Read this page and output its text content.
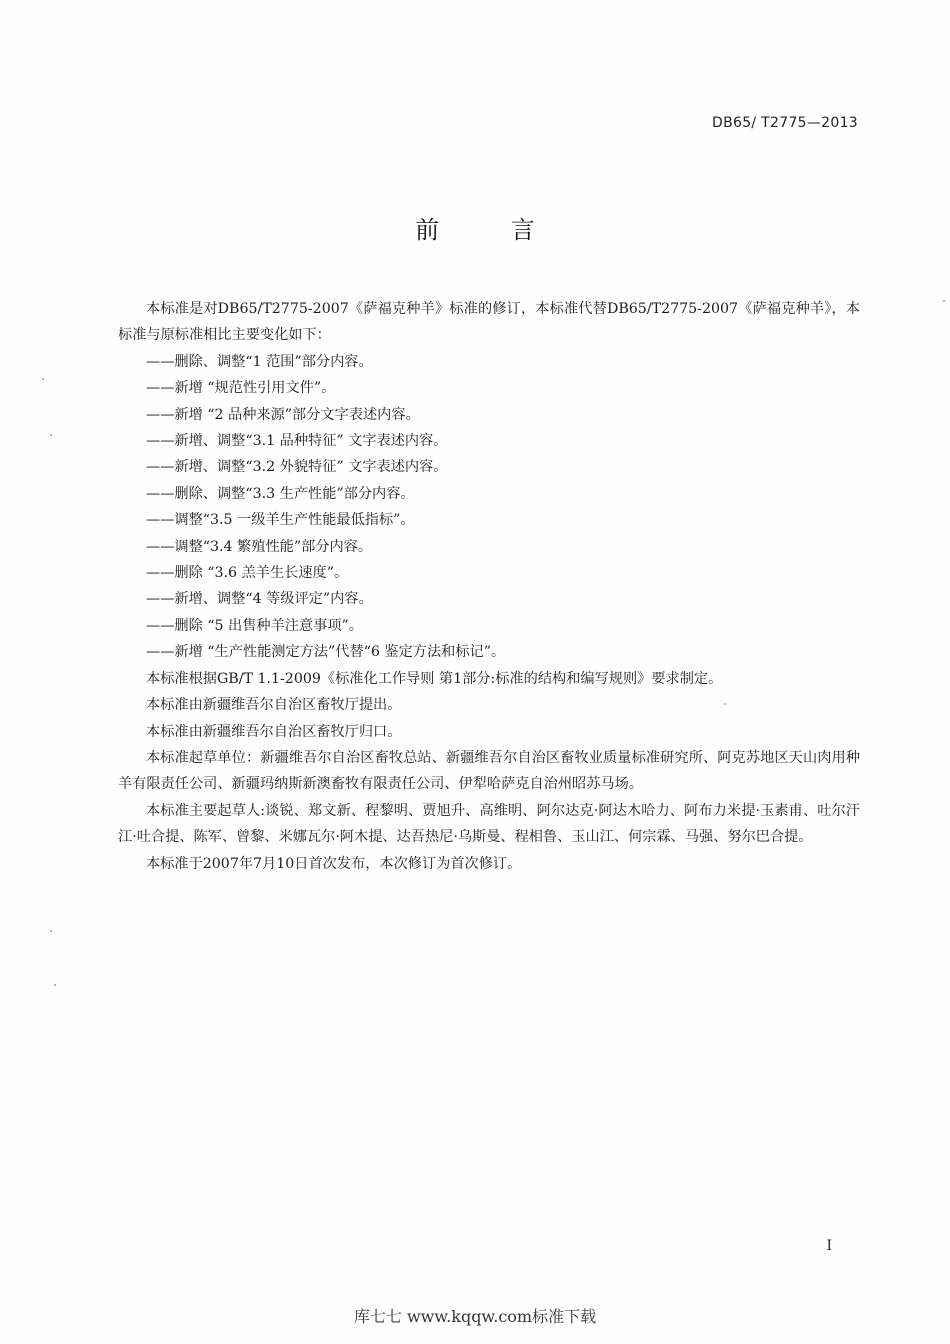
DB65/ T2775—2013
前 言

本标准是对DB65/T2775-2007《萨福克种羊》标准的修订，本标准代替DB65/T2775-2007《萨福克种羊》，本标准与原标准相比主要变化如下：

——删除、调整“1 范围”部分内容。

——新增 “规范性引用文件”。

——新增 “2 品种来源”部分文字表述内容。

——新增、调整“3.1 品种特征” 文字表述内容。

——新增、调整“3.2 外貌特征” 文字表述内容。

——删除、调整“3.3 生产性能”部分内容。

——调整“3.5 一级羊生产性能最低指标”。

——调整“3.4 繁殖性能”部分内容。

——删除 “3.6 羔羊生长速度”。

——新增、调整“4 等级评定”内容。

——删除 “5 出售种羊注意事项”。

——新增 “生产性能测定方法”代替“6 鉴定方法和标记”。

本标准根据GB/T 1.1-2009《标准化工作导则 第1部分:标准的结构和编写规则》要求制定。

本标准由新疆维吾尔自治区畜牧厅提出。

本标准由新疆维吾尔自治区畜牧厅归口。

本标准起草单位：新疆维吾尔自治区畜牧总站、新疆维吾尔自治区畜牧业质量标准研究所、阿克苏地区天山肉用种羊有限责任公司、新疆玛纳斯新澳畜牧有限责任公司、伊犁哈萨克自治州昭苏马场。

本标准主要起草人:谈锐、郑文新、程黎明、贾旭升、高维明、阿尔达克·阿达木哈力、阿布力米提·玉素甫、吐尔汗江·吐合提、陈军、曾黎、米娜瓦尔·阿木提、达吾热尼·乌斯曼、程相鲁、玉山江、何宗霖、马强、努尔巴合提。

本标准于2007年7月10日首次发布，本次修订为首次修订。

I
库七七 www.kqqw.com标准下载
